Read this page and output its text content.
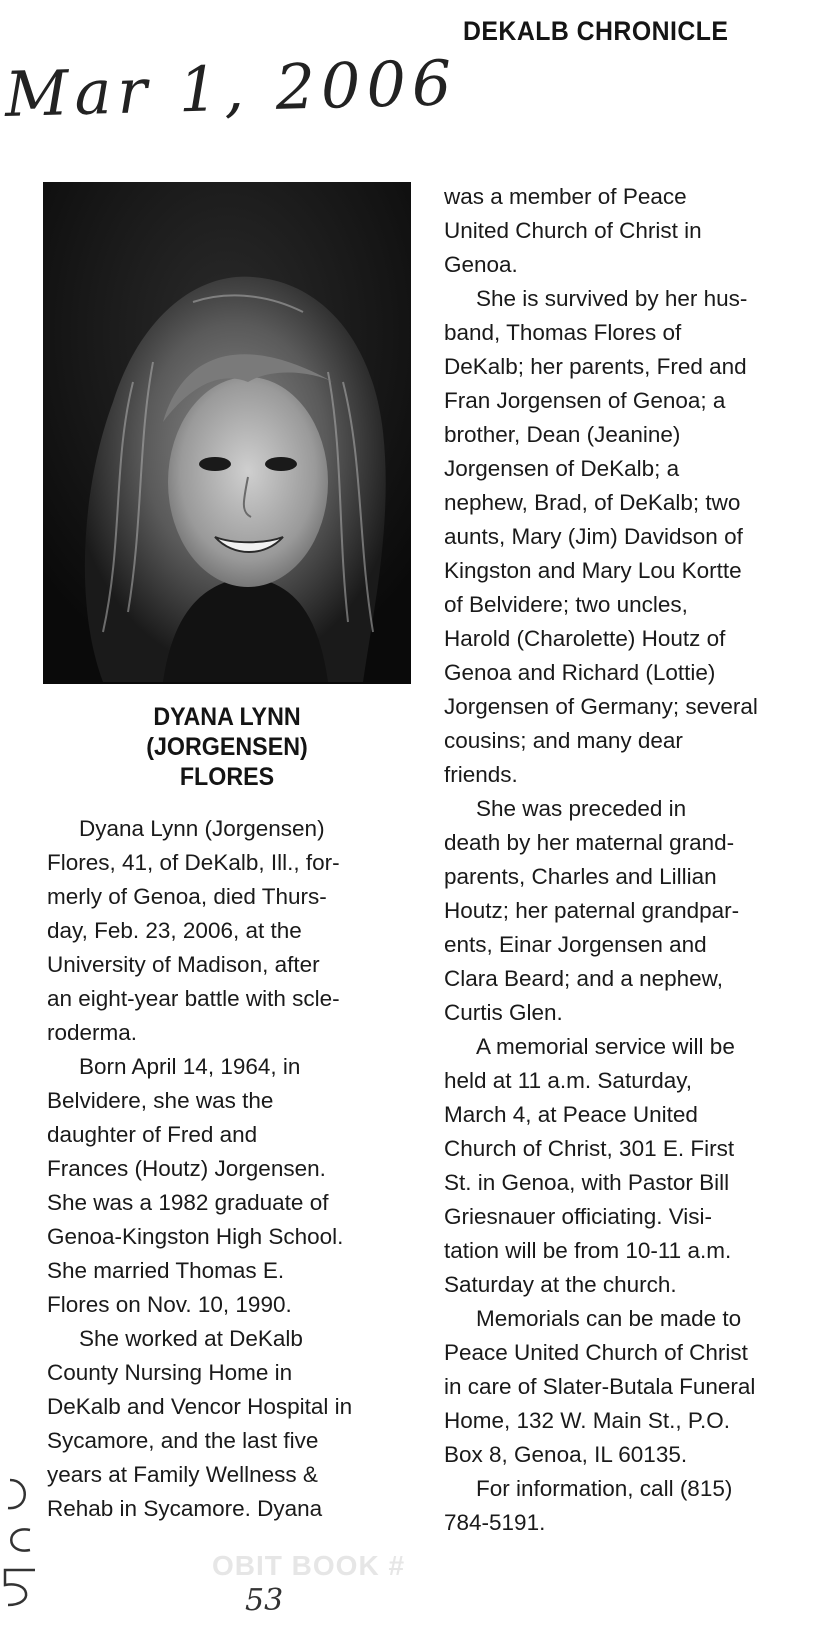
DEKALB CHRONICLE
Mar 1, 2006
DYANA LYNN
(JORGENSEN)
FLORES
Dyana Lynn (Jorgensen)
Flores, 41, of DeKalb, Ill., for-
merly of Genoa, died Thurs-
day, Feb. 23, 2006, at the
University of Madison, after
an eight-year battle with scle-
roderma.
Born April 14, 1964, in
Belvidere, she was the
daughter of Fred and
Frances (Houtz) Jorgensen.
She was a 1982 graduate of
Genoa-Kingston High School.
She married Thomas E.
Flores on Nov. 10, 1990.
She worked at DeKalb
County Nursing Home in
DeKalb and Vencor Hospital in
Sycamore, and the last five
years at Family Wellness &
Rehab in Sycamore. Dyana
was a member of Peace
United Church of Christ in
Genoa.
She is survived by her hus-
band, Thomas Flores of
DeKalb; her parents, Fred and
Fran Jorgensen of Genoa; a
brother, Dean (Jeanine)
Jorgensen of DeKalb; a
nephew, Brad, of DeKalb; two
aunts, Mary (Jim) Davidson of
Kingston and Mary Lou Kortte
of Belvidere; two uncles,
Harold (Charolette) Houtz of
Genoa and Richard (Lottie)
Jorgensen of Germany; several
cousins; and many dear
friends.
She was preceded in
death by her maternal grand-
parents, Charles and Lillian
Houtz; her paternal grandpar-
ents, Einar Jorgensen and
Clara Beard; and a nephew,
Curtis Glen.
A memorial service will be
held at 11 a.m. Saturday,
March 4, at Peace United
Church of Christ, 301 E. First
St. in Genoa, with Pastor Bill
Griesnauer officiating. Visi-
tation will be from 10-11 a.m.
Saturday at the church.
Memorials can be made to
Peace United Church of Christ
in care of Slater-Butala Funeral
Home, 132 W. Main St., P.O.
Box 8, Genoa, IL 60135.
For information, call (815)
784-5191.
OBIT BOOK #
53
